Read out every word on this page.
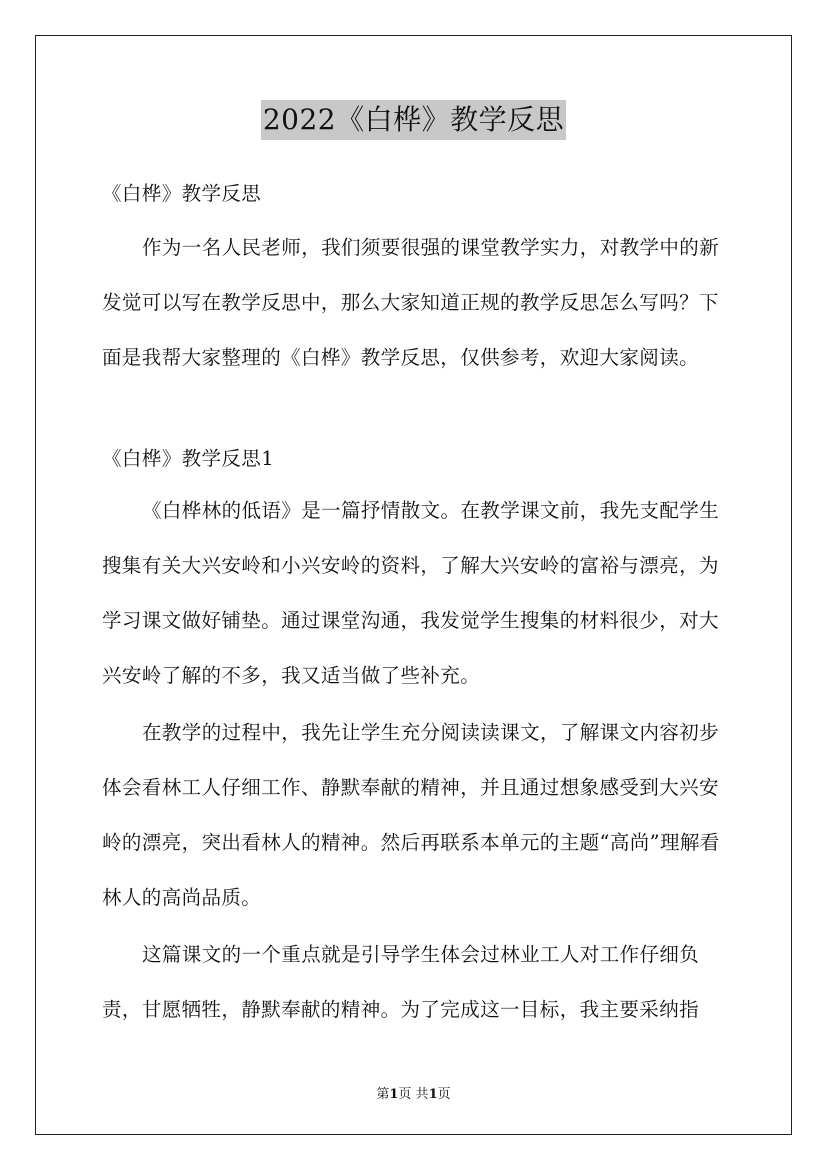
2022《白桦》教学反思

《白桦》教学反思

作为一名人民老师，我们须要很强的课堂教学实力，对教学中的新发觉可以写在教学反思中，那么大家知道正规的教学反思怎么写吗？下面是我帮大家整理的《白桦》教学反思，仅供参考，欢迎大家阅读。

《白桦》教学反思1

《白桦林的低语》是一篇抒情散文。在教学课文前，我先支配学生搜集有关大兴安岭和小兴安岭的资料，了解大兴安岭的富裕与漂亮，为学习课文做好铺垫。通过课堂沟通，我发觉学生搜集的材料很少，对大兴安岭了解的不多，我又适当做了些补充。

在教学的过程中，我先让学生充分阅读读课文，了解课文内容初步体会看林工人仔细工作、静默奉献的精神，并且通过想象感受到大兴安岭的漂亮，突出看林人的精神。然后再联系本单元的主题“高尚”理解看林人的高尚品质。

这篇课文的一个重点就是引导学生体会过林业工人对工作仔细负责，甘愿牺牲，静默奉献的精神。为了完成这一目标，我主要采纳指

第1页 共1页
